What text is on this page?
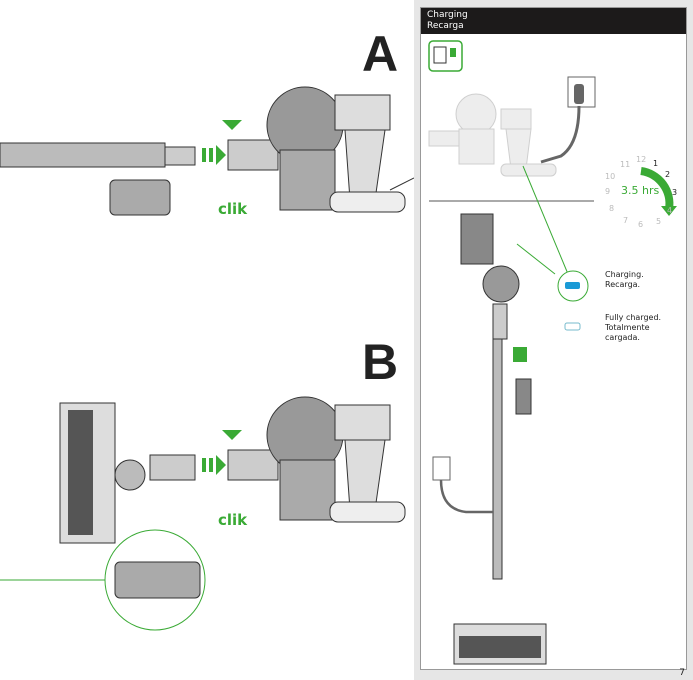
A
B
clik
clik
Charging
Recarga
12 1
2
3
4
5
6
7
8
9
10
11
3.5 hrs
Charging.
Recarga.
Fully charged.
Totalmente
cargada.
7
